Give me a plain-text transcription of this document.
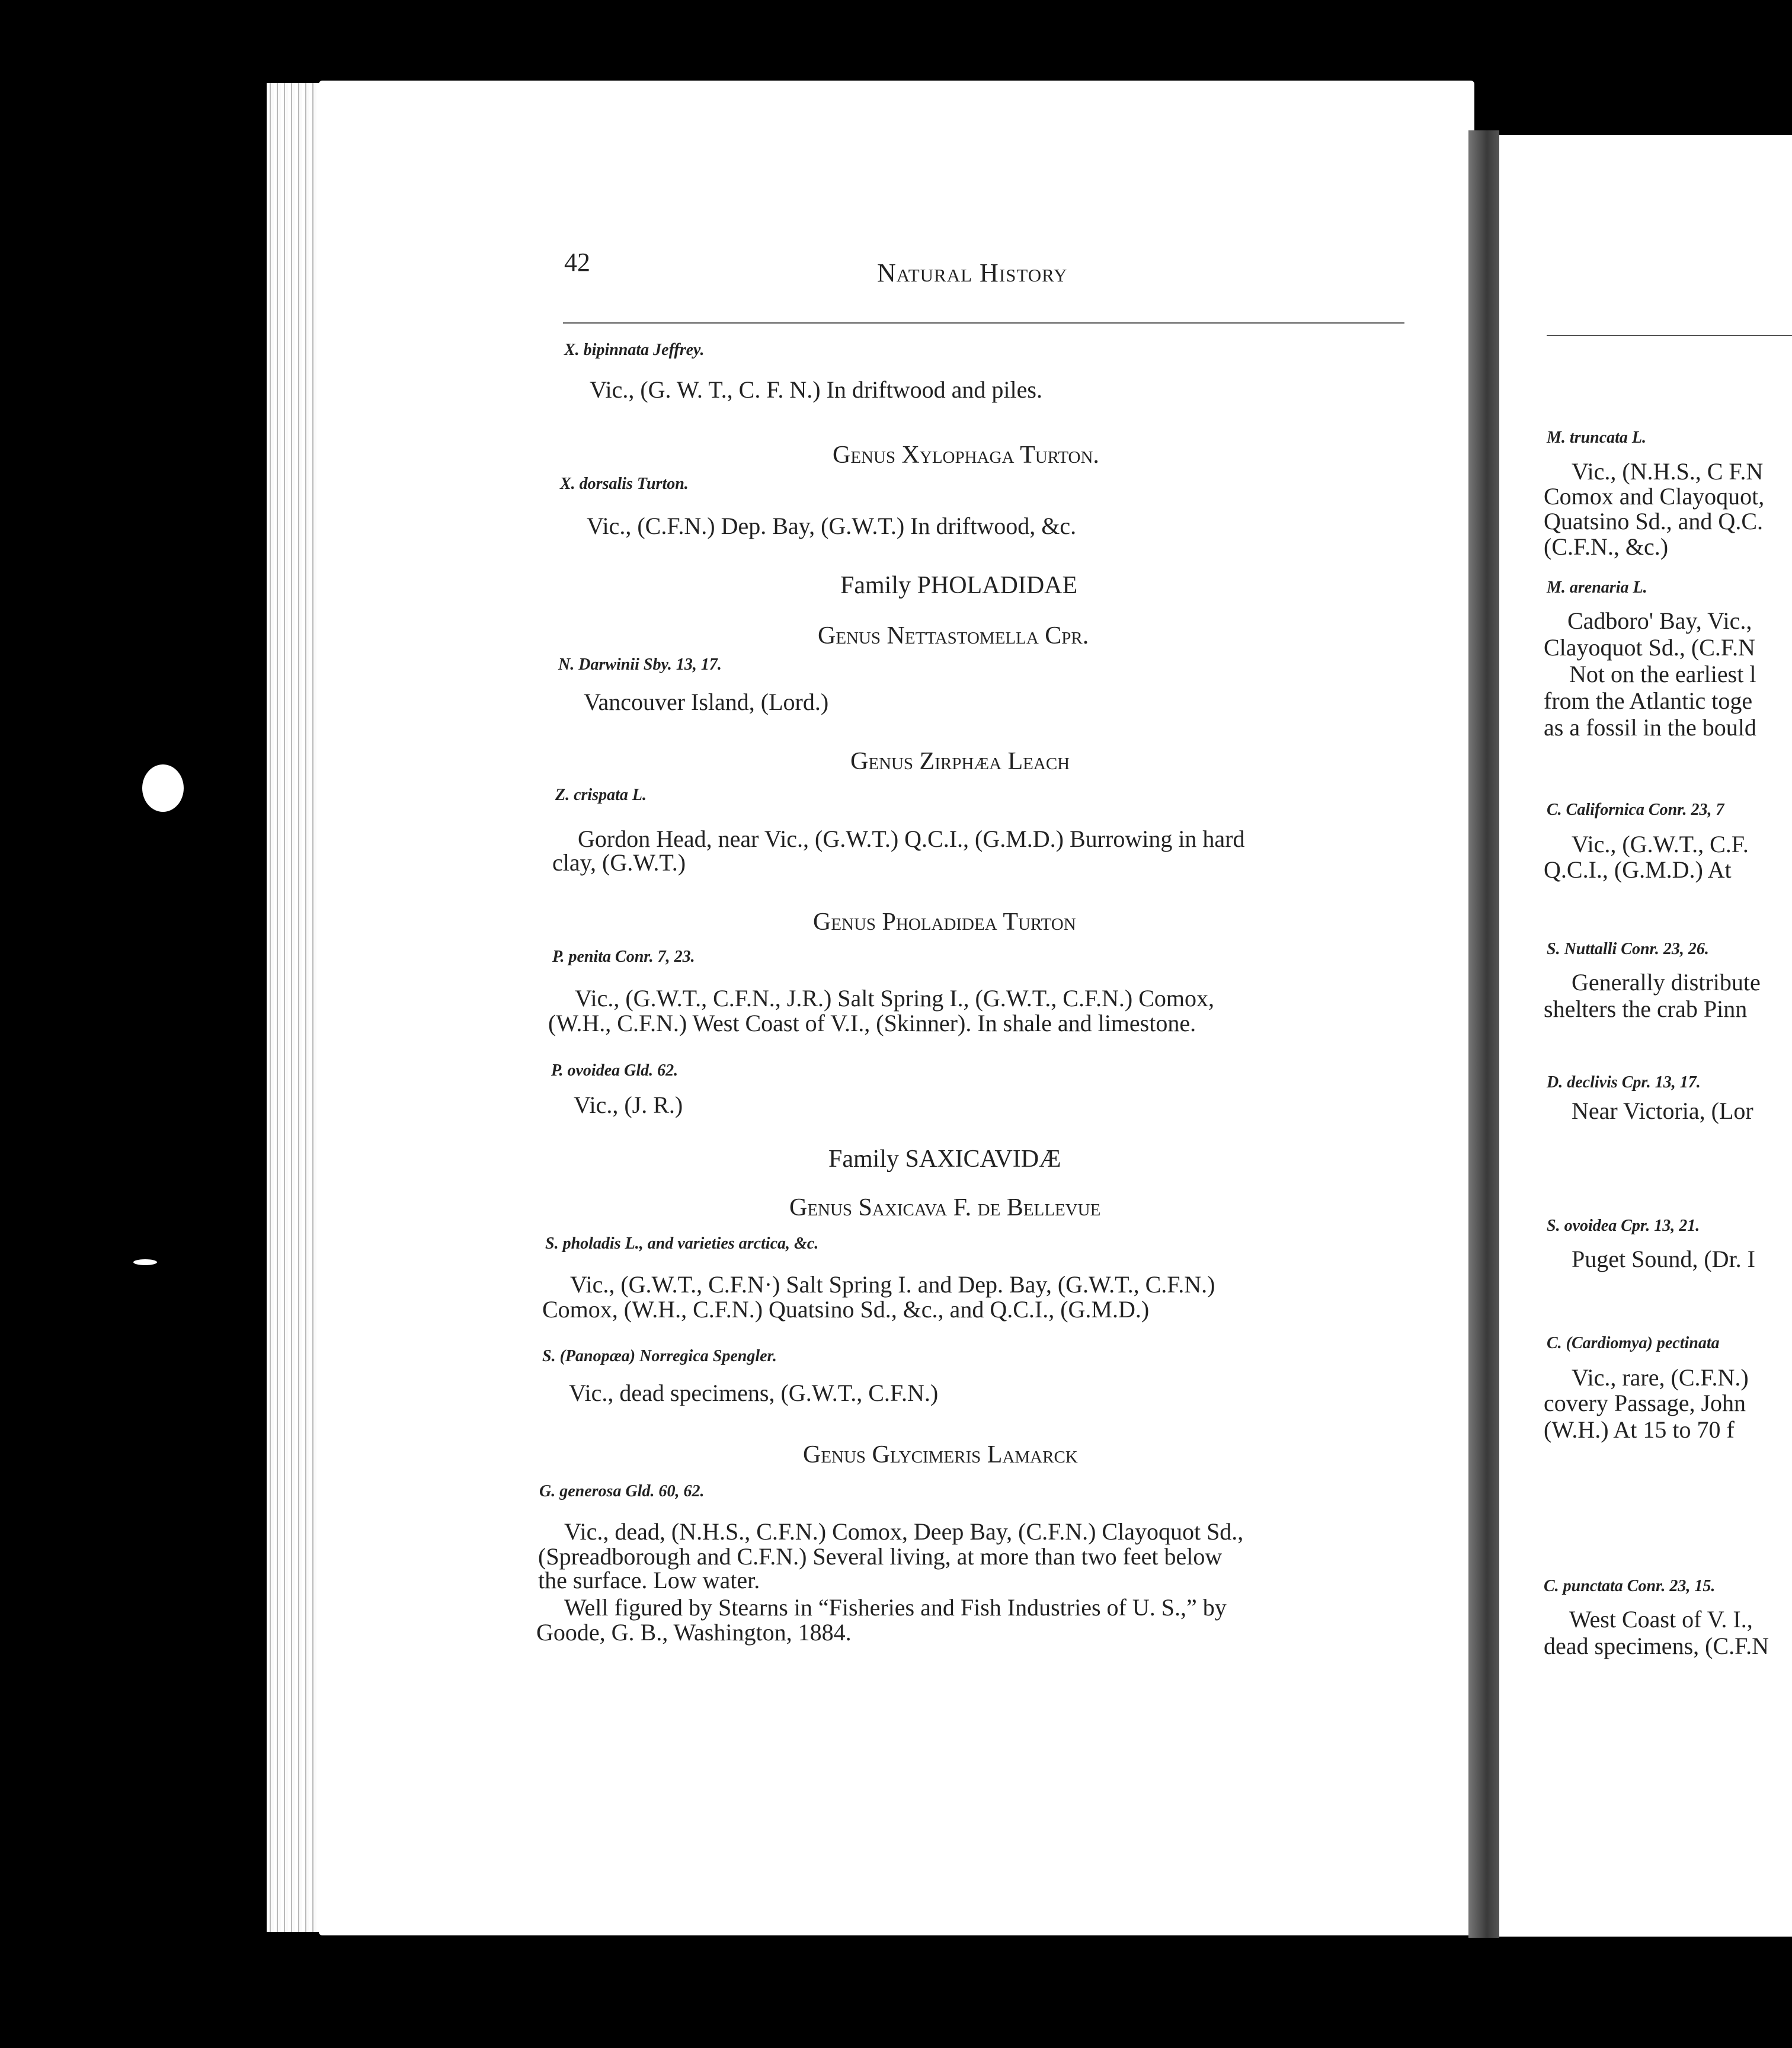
42	Natural History
X. bipinnata Jeffrey.
Vic., (G. W. T., C. F. N.) In driftwood and piles.
Genus Xylophaga Turton.
X. dorsalis Turton.
Vic., (C.F.N.) Dep. Bay, (G.W.T.) In driftwood, &c.
Family PHOLADIDAE
Genus Nettastomella Cpr.
N. Darwinii Sby. 13, 17.
Vancouver Island, (Lord.)
Genus Zirphæa Leach
Z. crispata L.
Gordon Head, near Vic., (G.W.T.) Q.C.I., (G.M.D.) Burrowing in hard
clay, (G.W.T.)
Genus Pholadidea Turton
P. penita Conr. 7, 23.
Vic., (G.W.T., C.F.N., J.R.) Salt Spring I., (G.W.T., C.F.N.) Comox,
(W.H., C.F.N.) West Coast of V.I., (Skinner). In shale and limestone.
P. ovoidea Gld. 62.
Vic., (J. R.)
Family SAXICAVIDÆ
Genus Saxicava F. de Bellevue
S. pholadis L., and varieties arctica, &c.
Vic., (G.W.T., C.F.N·) Salt Spring I. and Dep. Bay, (G.W.T., C.F.N.)
Comox, (W.H., C.F.N.) Quatsino Sd., &c., and Q.C.I., (G.M.D.)
S. (Panopæa) Norregica Spengler.
Vic., dead specimens, (G.W.T., C.F.N.)
Genus Glycimeris Lamarck
G. generosa Gld. 60, 62.
Vic., dead, (N.H.S., C.F.N.) Comox, Deep Bay, (C.F.N.) Clayoquot Sd.,
(Spreadborough and C.F.N.) Several living, at more than two feet below
the surface. Low water.
Well figured by Stearns in “Fisheries and Fish Industries of U. S.,” by
Goode, G. B., Washington, 1884.
M. truncata L.
Vic., (N.H.S., C F.N
Comox and Clayoquot,
Quatsino Sd., and Q.C.
(C.F.N., &c.)
M. arenaria L.
Cadboro' Bay, Vic.,
Clayoquot Sd., (C.F.N
Not on the earliest l
from the Atlantic toge
as a fossil in the bould
C. Californica Conr. 23, 7
Vic., (G.W.T., C.F.
Q.C.I., (G.M.D.) At
S. Nuttalli Conr. 23, 26.
Generally distribute
shelters the crab Pinn
D. declivis Cpr. 13, 17.
Near Victoria, (Lor
S. ovoidea Cpr. 13, 21.
Puget Sound, (Dr. I
C. (Cardiomya) pectinata
Vic., rare, (C.F.N.)
covery Passage, John
(W.H.) At 15 to 70 f
C. punctata Conr. 23, 15.
West Coast of V. I.,
dead specimens, (C.F.N
